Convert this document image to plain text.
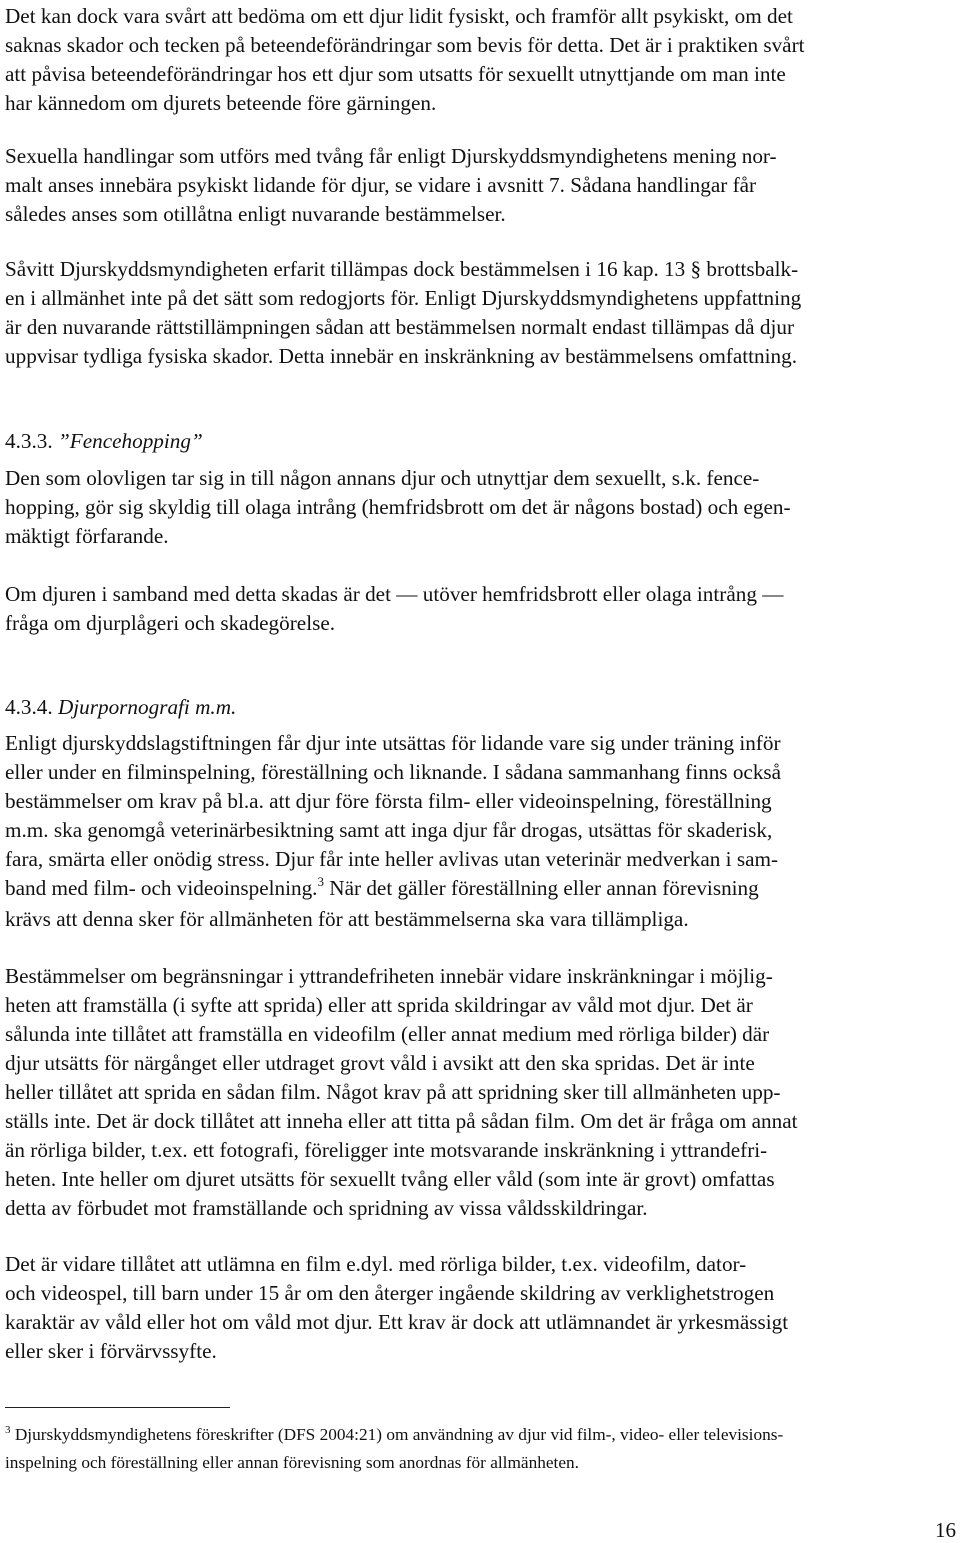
Det kan dock vara svårt att bedöma om ett djur lidit fysiskt, och framför allt psykiskt, om det
saknas skador och tecken på beteendeförändringar som bevis för detta. Det är i praktiken svårt
att påvisa beteendeförändringar hos ett djur som utsatts för sexuellt utnyttjande om man inte
har kännedom om djurets beteende före gärningen.

Sexuella handlingar som utförs med tvång får enligt Djurskyddsmyndighetens mening nor-
malt anses innebära psykiskt lidande för djur, se vidare i avsnitt 7. Sådana handlingar får
således anses som otillåtna enligt nuvarande bestämmelser.

Såvitt Djurskyddsmyndigheten erfarit tillämpas dock bestämmelsen i 16 kap. 13 § brottsbalk-
en i allmänhet inte på det sätt som redogjorts för. Enligt Djurskyddsmyndighetens uppfattning
är den nuvarande rättstillämpningen sådan att bestämmelsen normalt endast tillämpas då djur
uppvisar tydliga fysiska skador. Detta innebär en inskränkning av bestämmelsens omfattning.

4.3.3. ”Fencehopping”

Den som olovligen tar sig in till någon annans djur och utnyttjar dem sexuellt, s.k. fence-
hopping, gör sig skyldig till olaga intrång (hemfridsbrott om det är någons bostad) och egen-
mäktigt förfarande.

Om djuren i samband med detta skadas är det — utöver hemfridsbrott eller olaga intrång —
fråga om djurplågeri och skadegörelse.

4.3.4. Djurpornografi m.m.

Enligt djurskyddslagstiftningen får djur inte utsättas för lidande vare sig under träning inför
eller under en filminspelning, föreställning och liknande. I sådana sammanhang finns också
bestämmelser om krav på bl.a. att djur före första film- eller videoinspelning, föreställning
m.m. ska genomgå veterinärbesiktning samt att inga djur får drogas, utsättas för skaderisk,
fara, smärta eller onödig stress. Djur får inte heller avlivas utan veterinär medverkan i sam-
band med film- och videoinspelning.$^3$ När det gäller föreställning eller annan förevisning
krävs att denna sker för allmänheten för att bestämmelserna ska vara tillämpliga.

Bestämmelser om begränsningar i yttrandefriheten innebär vidare inskränkningar i möjlig-
heten att framställa (i syfte att sprida) eller att sprida skildringar av våld mot djur. Det är
sålunda inte tillåtet att framställa en videofilm (eller annat medium med rörliga bilder) där
djur utsätts för närgånget eller utdraget grovt våld i avsikt att den ska spridas. Det är inte
heller tillåtet att sprida en sådan film. Något krav på att spridning sker till allmänheten upp-
ställs inte. Det är dock tillåtet att inneha eller att titta på sådan film. Om det är fråga om annat
än rörliga bilder, t.ex. ett fotografi, föreligger inte motsvarande inskränkning i yttrandefri-
heten. Inte heller om djuret utsätts för sexuellt tvång eller våld (som inte är grovt) omfattas
detta av förbudet mot framställande och spridning av vissa våldsskildringar.

Det är vidare tillåtet att utlämna en film e.dyl. med rörliga bilder, t.ex. videofilm, dator-
och videospel, till barn under 15 år om den återger ingående skildring av verklighetstrogen
karaktär av våld eller hot om våld mot djur. Ett krav är dock att utlämnandet är yrkesmässigt
eller sker i förvärvssyfte.

$^3$ Djurskyddsmyndighetens föreskrifter (DFS 2004:21) om användning av djur vid film-, video- eller televisions-
inspelning och föreställning eller annan förevisning som anordnas för allmänheten.

16
